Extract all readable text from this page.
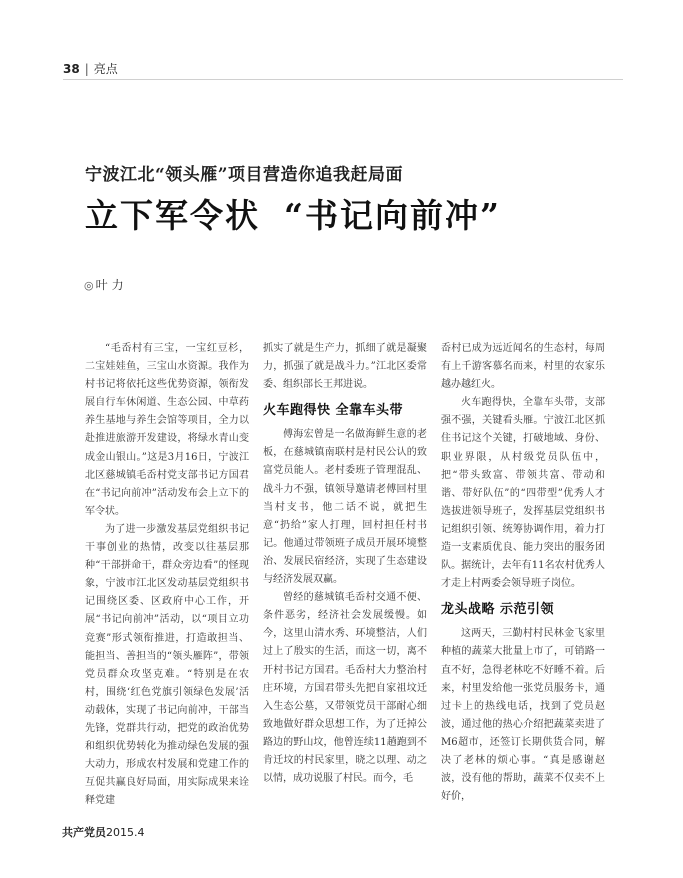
38 | 亮点
宁波江北“领头雁”项目营造你追我赶局面
立下军令状 “书记向前冲”
◎ 叶力

“毛岙村有三宝，一宝红豆杉，二宝娃娃鱼，三宝山水资源。我作为村书记将依托这些优势资源，领衔发展自行车休闲道、生态公园、中草药养生基地与养生会馆等项目，全力以赴推进旅游开发建设，将绿水青山变成金山银山。”这是3月16日，宁波江北区慈城镇毛岙村党支部书记方国君在“书记向前冲”活动发布会上立下的军令状。

为了进一步激发基层党组织书记干事创业的热情，改变以往基层那种“干部拼命干，群众旁边看”的怪现象，宁波市江北区发动基层党组织书记围绕区委、区政府中心工作，开展“书记向前冲”活动，以“项目立功竞赛”形式领衔推进，打造敢担当、能担当、善担当的“领头雁阵”，带领党员群众攻坚克难。“特别是在农村，围绕‘红色党旗引领绿色发展’活动载体，实现了书记向前冲，干部当先锋，党群共行动，把党的政治优势和组织优势转化为推动绿色发展的强大动力，形成农村发展和党建工作的互促共赢良好局面，用实际成果来诠释党建

抓实了就是生产力，抓细了就是凝聚力，抓强了就是战斗力。”江北区委常委、组织部长王邦进说。

火车跑得快 全靠车头带

傅海宏曾是一名做海鲜生意的老板，在慈城镇南联村是村民公认的致富党员能人。老村委班子管理混乱、战斗力不强，镇领导邀请老傅回村里当村支书，他二话不说，就把生意“扔给”家人打理，回村担任村书记。他通过带领班子成员开展环境整治、发展民宿经济，实现了生态建设与经济发展双赢。

曾经的慈城镇毛岙村交通不便、条件恶劣，经济社会发展缓慢。如今，这里山清水秀、环境整洁，人们过上了殷实的生活，而这一切，离不开村书记方国君。毛岙村大力整治村庄环境，方国君带头先把自家祖坟迁入生态公墓，又带领党员干部耐心细致地做好群众思想工作，为了迁掉公路边的野山坟，他曾连续11趟跑到不肯迁坟的村民家里，晓之以理、动之以情，成功说服了村民。而今，毛

岙村已成为远近闻名的生态村，每周有上千游客慕名而来，村里的农家乐越办越红火。

火车跑得快，全靠车头带，支部强不强，关键看头雁。宁波江北区抓住书记这个关键，打破地域、身份、职业界限，从村级党员队伍中，把“带头致富、带领共富、带动和谐、带好队伍”的“四带型”优秀人才选拔进领导班子，发挥基层党组织书记组织引领、统筹协调作用，着力打造一支素质优良、能力突出的服务团队。据统计，去年有11名农村优秀人才走上村两委会领导班子岗位。

龙头战略 示范引领

这两天，三勤村村民林金飞家里种植的蔬菜大批量上市了，可销路一直不好，急得老林吃不好睡不着。后来，村里发给他一张党员服务卡，通过卡上的热线电话，找到了党员赵波，通过他的热心介绍把蔬菜卖进了M6超市，还签订长期供货合同，解决了老林的烦心事。“真是感谢赵波，没有他的帮助，蔬菜不仅卖不上好价，

共产党员2015.4
